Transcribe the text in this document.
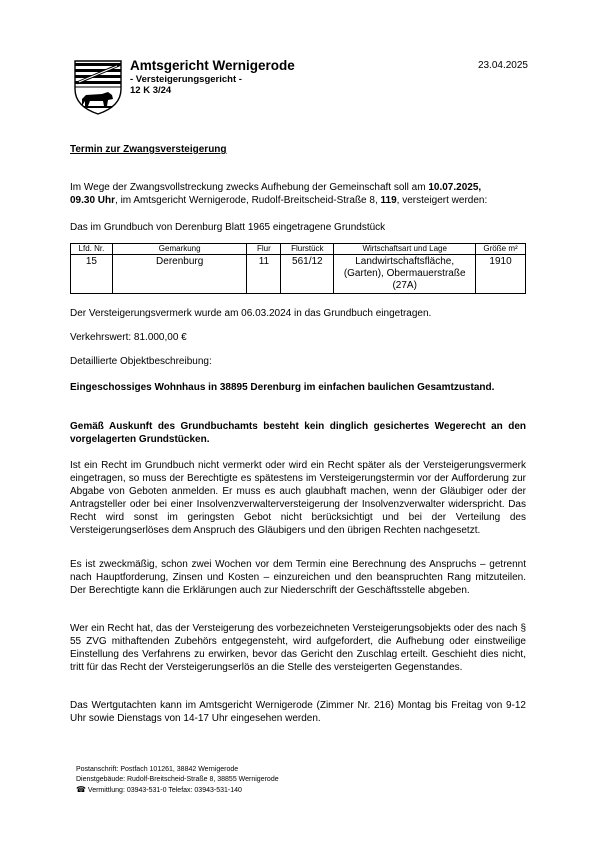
Amtsgericht Wernigerode
- Versteigerungsgericht -
12 K 3/24
23.04.2025
Termin zur Zwangsversteigerung
Im Wege der Zwangsvollstreckung zwecks Aufhebung der Gemeinschaft soll am 10.07.2025,
09.30 Uhr, im Amtsgericht Wernigerode, Rudolf-Breitscheid-Straße 8, 119, versteigert werden:
Das im Grundbuch von Derenburg Blatt 1965 eingetragene Grundstück
Lfd. Nr.	Gemarkung	Flur	Flurstück	Wirtschaftsart und Lage	Größe m²
15	Derenburg	11	561/12	Landwirtschaftsfläche, (Garten), Obermauerstraße (27A)	1910
Der Versteigerungsvermerk wurde am 06.03.2024 in das Grundbuch eingetragen.
Verkehrswert: 81.000,00 €
Detaillierte Objektbeschreibung:
Eingeschossiges Wohnhaus in 38895 Derenburg im einfachen baulichen Gesamtzustand.
Gemäß Auskunft des Grundbuchamts besteht kein dinglich gesichertes Wegerecht an den vorgelagerten Grundstücken.
Ist ein Recht im Grundbuch nicht vermerkt oder wird ein Recht später als der Versteigerungsvermerk eingetragen, so muss der Berechtigte es spätestens im Versteigerungstermin vor der Aufforderung zur Abgabe von Geboten anmelden. Er muss es auch glaubhaft machen, wenn der Gläubiger oder der Antragsteller oder bei einer Insolvenzverwalterversteigerung der Insolvenzverwalter widerspricht. Das Recht wird sonst im geringsten Gebot nicht berücksichtigt und bei der Verteilung des Versteigerungserlöses dem Anspruch des Gläubigers und den übrigen Rechten nachgesetzt.
Es ist zweckmäßig, schon zwei Wochen vor dem Termin eine Berechnung des Anspruchs – getrennt nach Hauptforderung, Zinsen und Kosten – einzureichen und den beanspruchten Rang mitzuteilen. Der Berechtigte kann die Erklärungen auch zur Niederschrift der Geschäftsstelle abgeben.
Wer ein Recht hat, das der Versteigerung des vorbezeichneten Versteigerungsobjekts oder des nach § 55 ZVG mithaftenden Zubehörs entgegensteht, wird aufgefordert, die Aufhebung oder einstweilige Einstellung des Verfahrens zu erwirken, bevor das Gericht den Zuschlag erteilt. Geschieht dies nicht, tritt für das Recht der Versteigerungserlös an die Stelle des versteigerten Gegenstandes.
Das Wertgutachten kann im Amtsgericht Wernigerode (Zimmer Nr. 216) Montag bis Freitag von 9-12 Uhr sowie Dienstags von 14-17 Uhr eingesehen werden.
Postanschrift: Postfach 101261, 38842 Wernigerode
Dienstgebäude: Rudolf-Breitscheid-Straße 8, 38855 Wernigerode
☎ Vermittlung: 03943-531-0 Telefax: 03943-531-140
